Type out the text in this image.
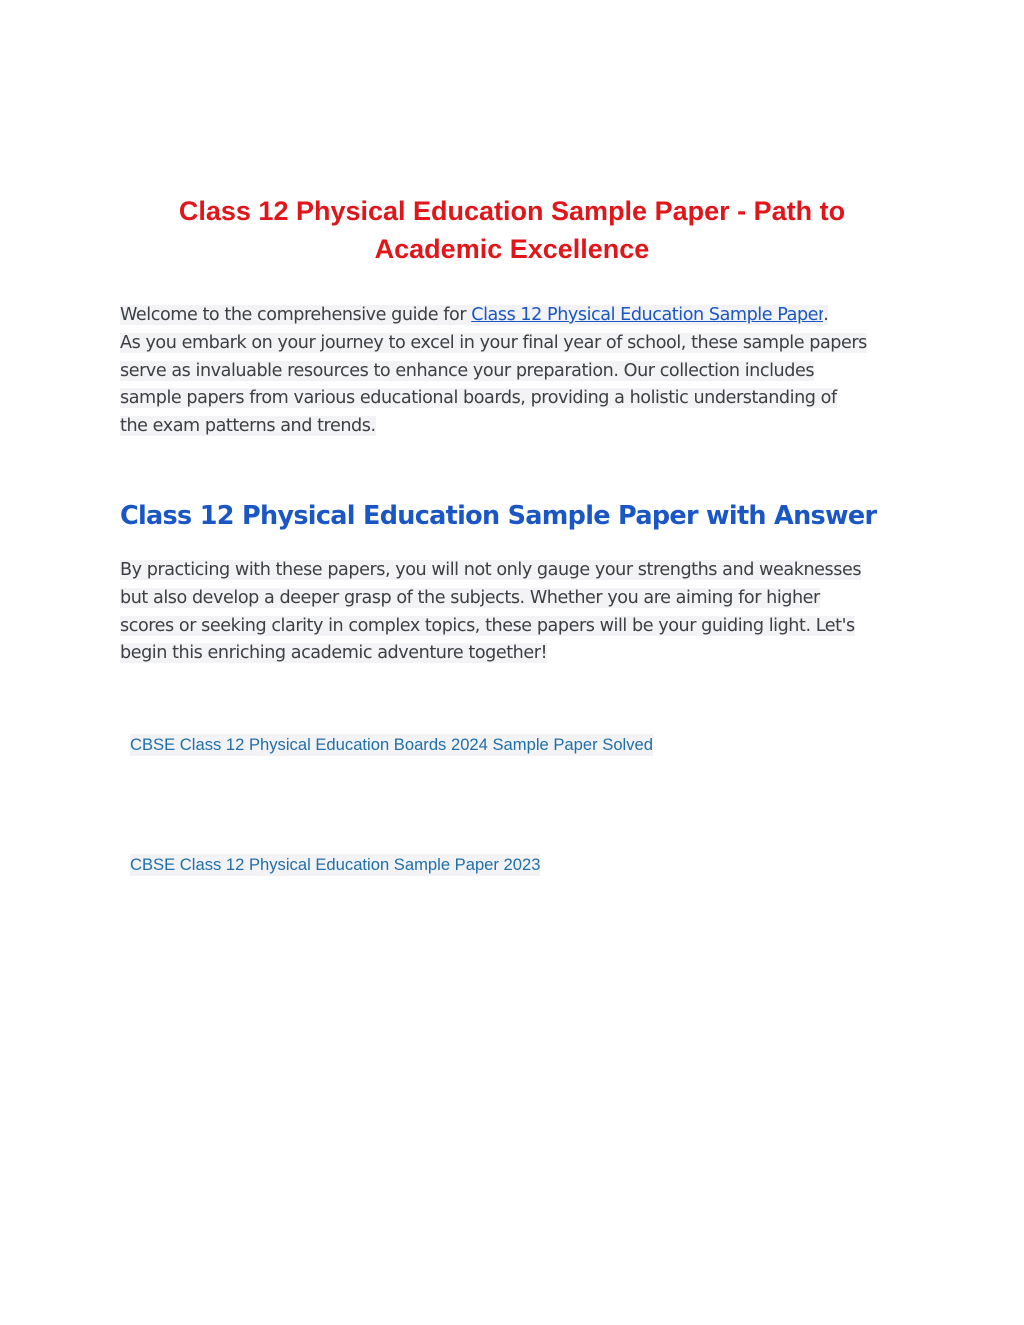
Class 12 Physical Education Sample Paper - Path to
Academic Excellence

Welcome to the comprehensive guide for Class 12 Physical Education Sample Paper.
As you embark on your journey to excel in your final year of school, these sample papers
serve as invaluable resources to enhance your preparation. Our collection includes
sample papers from various educational boards, providing a holistic understanding of
the exam patterns and trends.

Class 12 Physical Education Sample Paper with Answer

By practicing with these papers, you will not only gauge your strengths and weaknesses
but also develop a deeper grasp of the subjects. Whether you are aiming for higher
scores or seeking clarity in complex topics, these papers will be your guiding light. Let's
begin this enriching academic adventure together!

CBSE Class 12 Physical Education Boards 2024 Sample Paper Solved
CBSE Class 12 Physical Education Sample Paper 2023
